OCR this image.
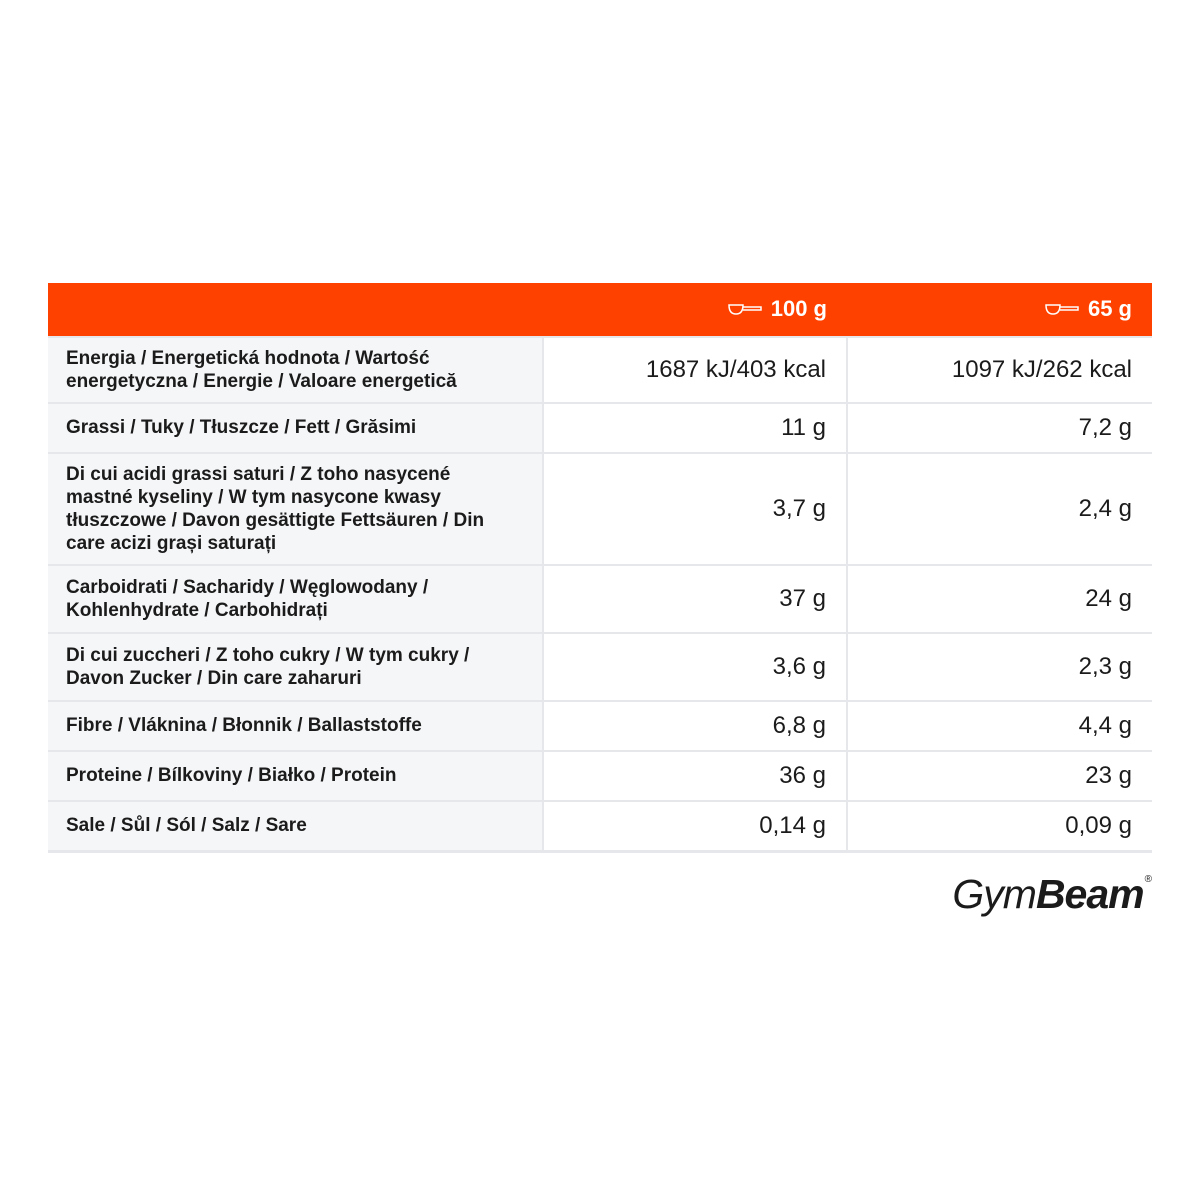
	100 g	65 g

Energia / Energetická hodnota / Wartość energetyczna / Energie / Valoare energetică	1687 kJ/403 kcal	1097 kJ/262 kcal
Grassi / Tuky / Tłuszcze / Fett / Grăsimi	11 g	7,2 g
Di cui acidi grassi saturi / Z toho nasycené mastné kyseliny / W tym nasycone kwasy tłuszczowe / Davon gesättigte Fettsäuren / Din care acizi grași saturați	3,7 g	2,4 g
Carboidrati / Sacharidy / Węglowodany / Kohlenhydrate / Carbohidrați	37 g	24 g
Di cui zuccheri / Z toho cukry / W tym cukry / Davon Zucker / Din care zaharuri	3,6 g	2,3 g
Fibre / Vláknina / Błonnik / Ballaststoffe	6,8 g	4,4 g
Proteine / Bílkoviny / Białko / Protein	36 g	23 g
Sale / Sůl / Sól / Salz / Sare	0,14 g	0,09 g
Gym Beam ®
